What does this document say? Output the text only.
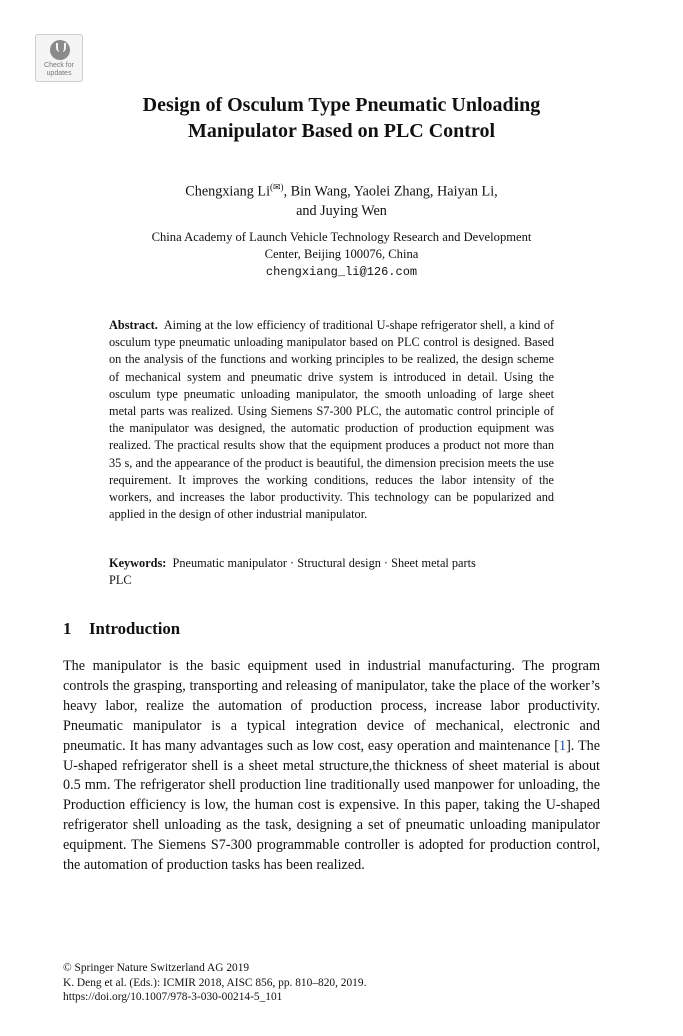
Check for
updates
Design of Osculum Type Pneumatic Unloading
Manipulator Based on PLC Control
Chengxiang Li(✉), Bin Wang, Yaolei Zhang, Haiyan Li,
and Juying Wen
China Academy of Launch Vehicle Technology Research and Development
Center, Beijing 100076, China
chengxiang_li@126.com
Abstract. Aiming at the low efficiency of traditional U-shape refrigerator shell, a kind of osculum type pneumatic unloading manipulator based on PLC control is designed. Based on the analysis of the functions and working principles to be realized, the design scheme of mechanical system and pneumatic drive system is introduced in detail. Using the osculum type pneumatic unloading manipulator, the smooth unloading of large sheet metal parts was realized. Using Siemens S7-300 PLC, the automatic control principle of the manipulator was designed, the automatic production of production equipment was realized. The practical results show that the equipment produces a product not more than 35 s, and the appearance of the product is beautiful, the dimension precision meets the use requirement. It improves the working conditions, reduces the labor intensity of the workers, and increases the labor productivity. This technology can be popularized and applied in the design of other industrial manipulator.
Keywords: Pneumatic manipulator · Structural design · Sheet metal parts
PLC
1 Introduction
The manipulator is the basic equipment used in industrial manufacturing. The program controls the grasping, transporting and releasing of manipulator, take the place of the worker’s heavy labor, realize the automation of production process, increase labor productivity. Pneumatic manipulator is a typical integration device of mechanical, electronic and pneumatic. It has many advantages such as low cost, easy operation and maintenance [1]. The U-shaped refrigerator shell is a sheet metal structure,the thickness of sheet material is about 0.5 mm. The refrigerator shell production line traditionally used manpower for unloading, the Production efficiency is low, the human cost is expensive. In this paper, taking the U-shaped refrigerator shell unloading as the task, designing a set of pneumatic unloading manipulator equipment. The Siemens S7-300 programmable controller is adopted for production control, the automation of production tasks has been realized.
© Springer Nature Switzerland AG 2019
K. Deng et al. (Eds.): ICMIR 2018, AISC 856, pp. 810–820, 2019.
https://doi.org/10.1007/978-3-030-00214-5_101
